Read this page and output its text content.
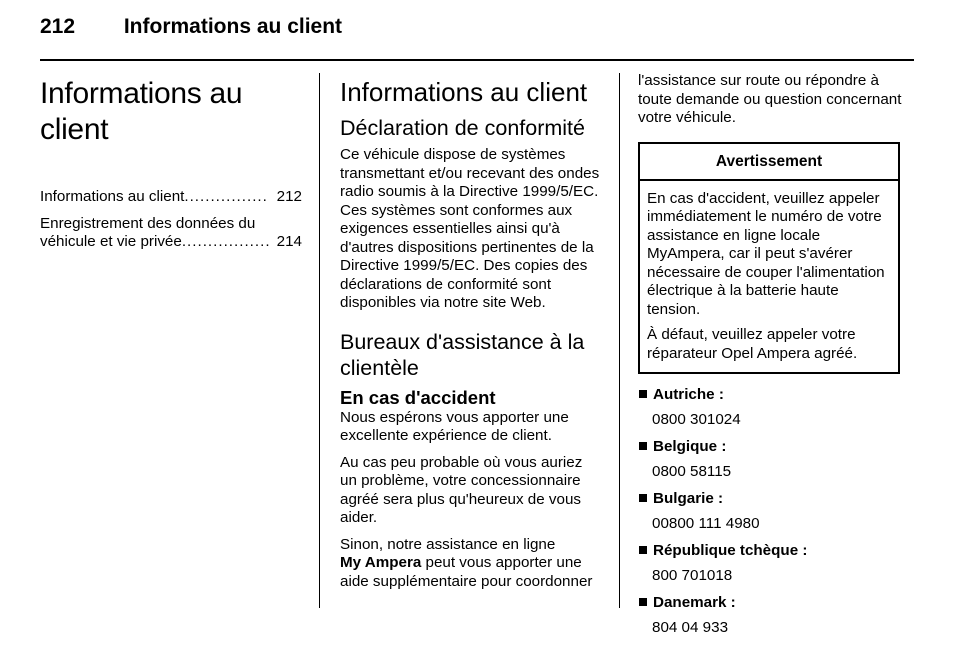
212 Informations au client
Informations au client
Informations au client ................ 212
Enregistrement des données du
véhicule et vie privée ................. 214
Informations au client
Déclaration de conformité

Ce véhicule dispose de systèmes transmettant et/ou recevant des ondes radio soumis à la Directive 1999/5/EC. Ces systèmes sont conformes aux exigences essentielles ainsi qu'à d'autres dispositions pertinentes de la Directive 1999/5/EC. Des copies des déclarations de conformité sont disponibles via notre site Web.

Bureaux d'assistance à la clientèle
En cas d'accident

Nous espérons vous apporter une excellente expérience de client.

Au cas peu probable où vous auriez un problème, votre concessionnaire agréé sera plus qu'heureux de vous aider.

Sinon, notre assistance en ligne
My Ampera peut vous apporter une aide supplémentaire pour coordonner

l'assistance sur route ou répondre à toute demande ou question concernant votre véhicule.

Avertissement

En cas d'accident, veuillez appeler immédiatement le numéro de votre assistance en ligne locale MyAmpera, car il peut s'avérer nécessaire de couper l'alimentation électrique à la batterie haute tension.

À défaut, veuillez appeler votre réparateur Opel Ampera agréé.

Autriche :
0800 301024
Belgique :
0800 58115
Bulgarie :
00800 111 4980
République tchèque :
800 701018
Danemark :
804 04 933
